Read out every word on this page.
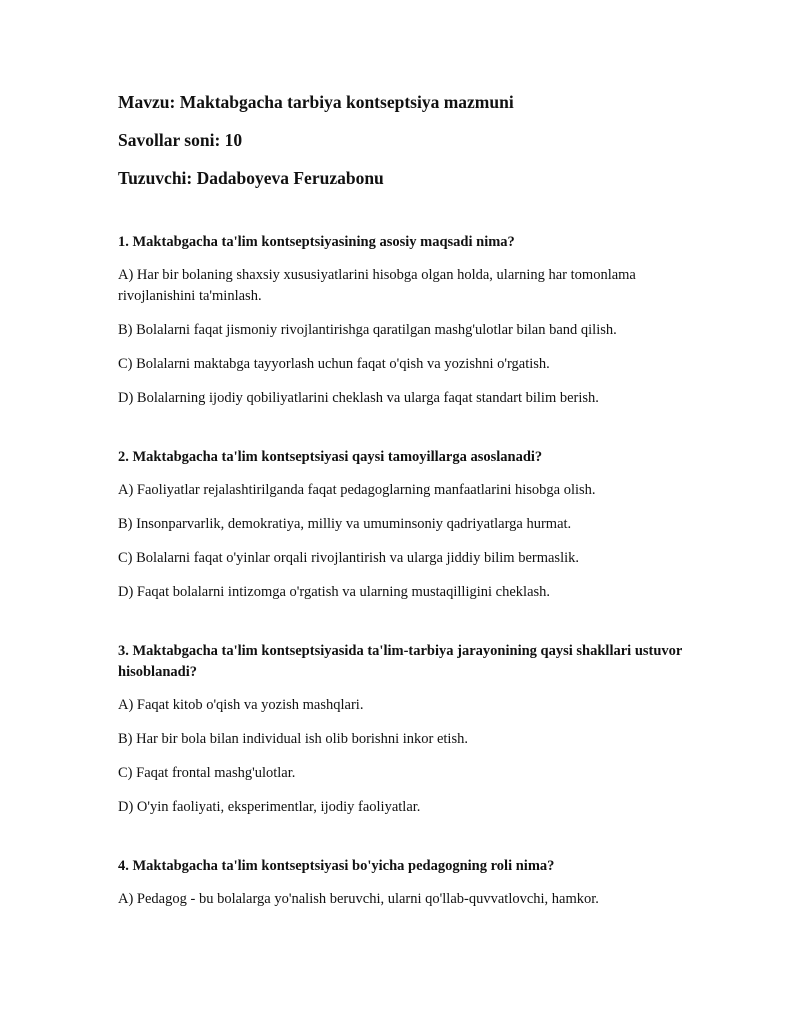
Mavzu: Maktabgacha tarbiya kontseptsiya mazmuni
Savollar soni: 10
Tuzuvchi: Dadaboyeva Feruzabonu
1. Maktabgacha ta'lim kontseptsiyasining asosiy maqsadi nima?
A) Har bir bolaning shaxsiy xususiyatlarini hisobga olgan holda, ularning har tomonlama rivojlanishini ta'minlash.
B) Bolalarni faqat jismoniy rivojlantirishga qaratilgan mashg'ulotlar bilan band qilish.
C) Bolalarni maktabga tayyorlash uchun faqat o'qish va yozishni o'rgatish.
D) Bolalarning ijodiy qobiliyatlarini cheklash va ularga faqat standart bilim berish.
2. Maktabgacha ta'lim kontseptsiyasi qaysi tamoyillarga asoslanadi?
A) Faoliyatlar rejalashtirilganda faqat pedagoglarning manfaatlarini hisobga olish.
B) Insonparvarlik, demokratiya, milliy va umuminsoniy qadriyatlarga hurmat.
C) Bolalarni faqat o'yinlar orqali rivojlantirish va ularga jiddiy bilim bermaslik.
D) Faqat bolalarni intizomga o'rgatish va ularning mustaqilligini cheklash.
3. Maktabgacha ta'lim kontseptsiyasida ta'lim-tarbiya jarayonining qaysi shakllari ustuvor hisoblanadi?
A) Faqat kitob o'qish va yozish mashqlari.
B) Har bir bola bilan individual ish olib borishni inkor etish.
C) Faqat frontal mashg'ulotlar.
D) O'yin faoliyati, eksperimentlar, ijodiy faoliyatlar.
4. Maktabgacha ta'lim kontseptsiyasi bo'yicha pedagogning roli nima?
A) Pedagog - bu bolalarga yo'nalish beruvchi, ularni qo'llab-quvvatlovchi, hamkor.
